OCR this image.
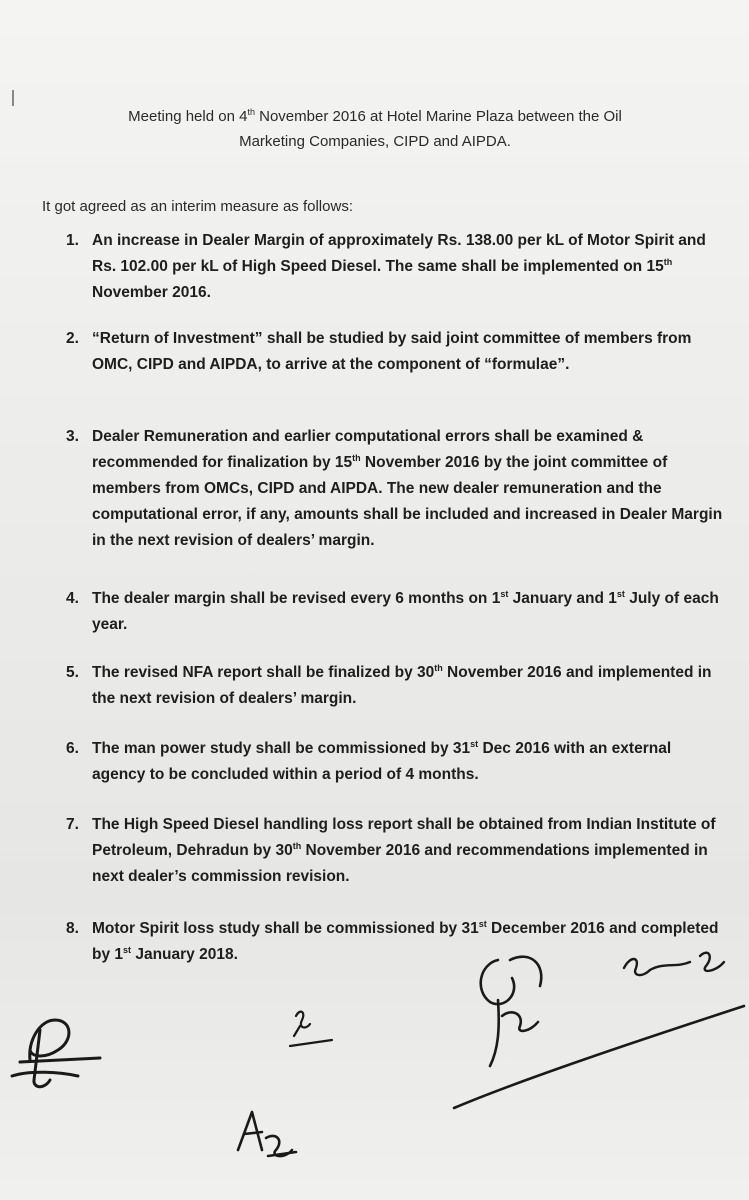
Meeting held on 4th November 2016 at Hotel Marine Plaza between the Oil
Marketing Companies, CIPD and AIPDA.
It got agreed as an interim measure as follows:
1. An increase in Dealer Margin of approximately Rs. 138.00 per kL of Motor Spirit and Rs. 102.00 per kL of High Speed Diesel. The same shall be implemented on 15th November 2016.
2. “Return of Investment” shall be studied by said joint committee of members from OMC, CIPD and AIPDA, to arrive at the component of “formulae”.
3. Dealer Remuneration and earlier computational errors shall be examined & recommended for finalization by 15th November 2016 by the joint committee of members from OMCs, CIPD and AIPDA. The new dealer remuneration and the computational error, if any, amounts shall be included and increased in Dealer Margin in the next revision of dealers’ margin.
4. The dealer margin shall be revised every 6 months on 1st January and 1st July of each year.
5. The revised NFA report shall be finalized by 30th November 2016 and implemented in the next revision of dealers’ margin.
6. The man power study shall be commissioned by 31st Dec 2016 with an external agency to be concluded within a period of 4 months.
7. The High Speed Diesel handling loss report shall be obtained from Indian Institute of Petroleum, Dehradun by 30th November 2016 and recommendations implemented in next dealer’s commission revision.
8. Motor Spirit loss study shall be commissioned by 31st December 2016 and completed by 1st January 2018.
